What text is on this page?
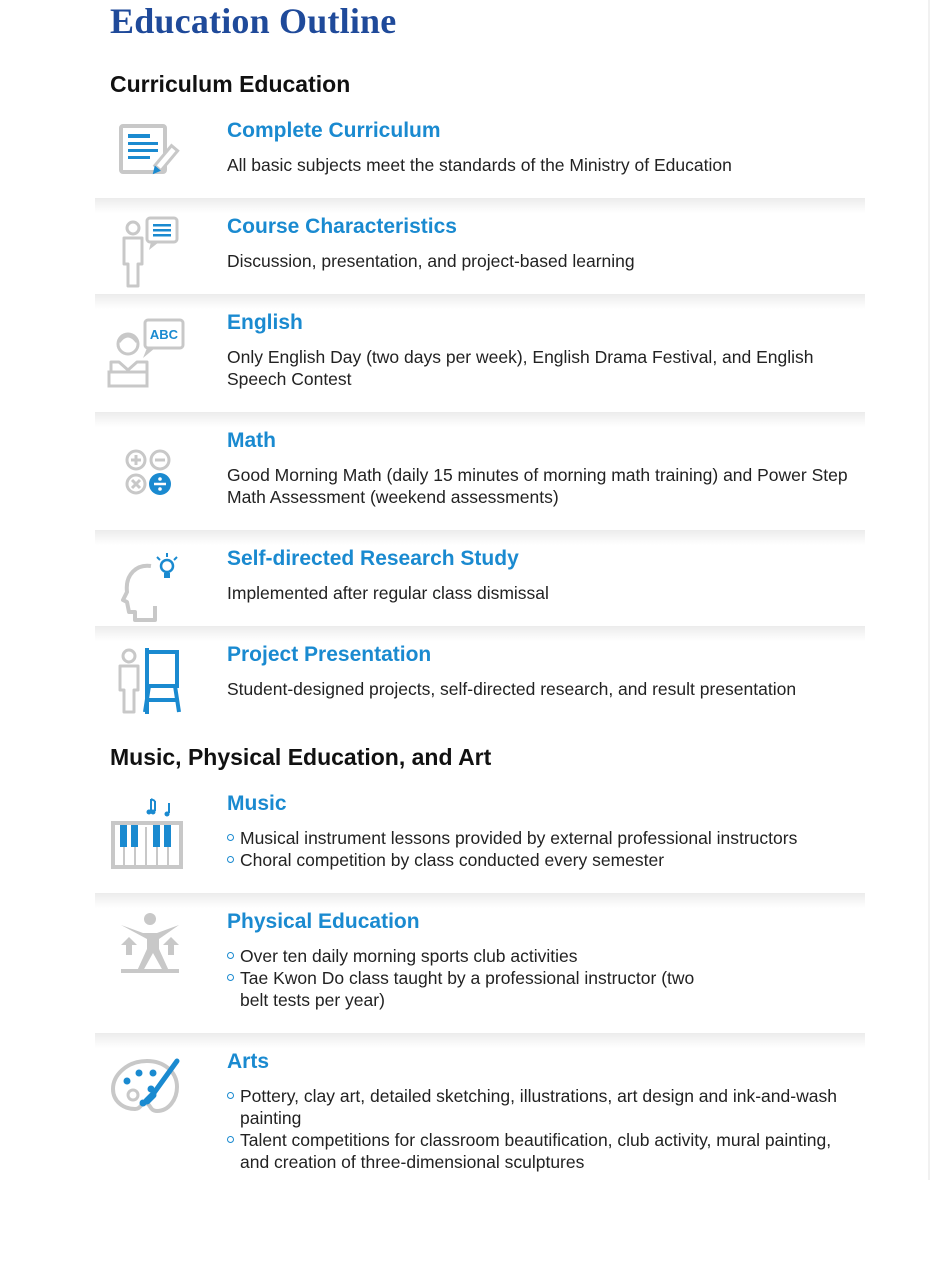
Education Outline
Curriculum Education
Complete Curriculum

All basic subjects meet the standards of the Ministry of Education

Course Characteristics

Discussion, presentation, and project-based learning

ABC
English

Only English Day (two days per week), English Drama Festival, and English Speech Contest

Math

Good Morning Math (daily 15 minutes of morning math training) and Power Step Math Assessment (weekend assessments)

Self-directed Research Study

Implemented after regular class dismissal

Project Presentation

Student-designed projects, self-directed research, and result presentation

Music, Physical Education, and Art
Music
Musical instrument lessons provided by external professional instructors
Choral competition by class conducted every semester
Physical Education
Over ten daily morning sports club activities
Tae Kwon Do class taught by a professional instructor (two belt tests per year)
Arts
Pottery, clay art, detailed sketching, illustrations, art design and ink-and-wash painting
Talent competitions for classroom beautification, club activity, mural painting, and creation of three-dimensional sculptures
